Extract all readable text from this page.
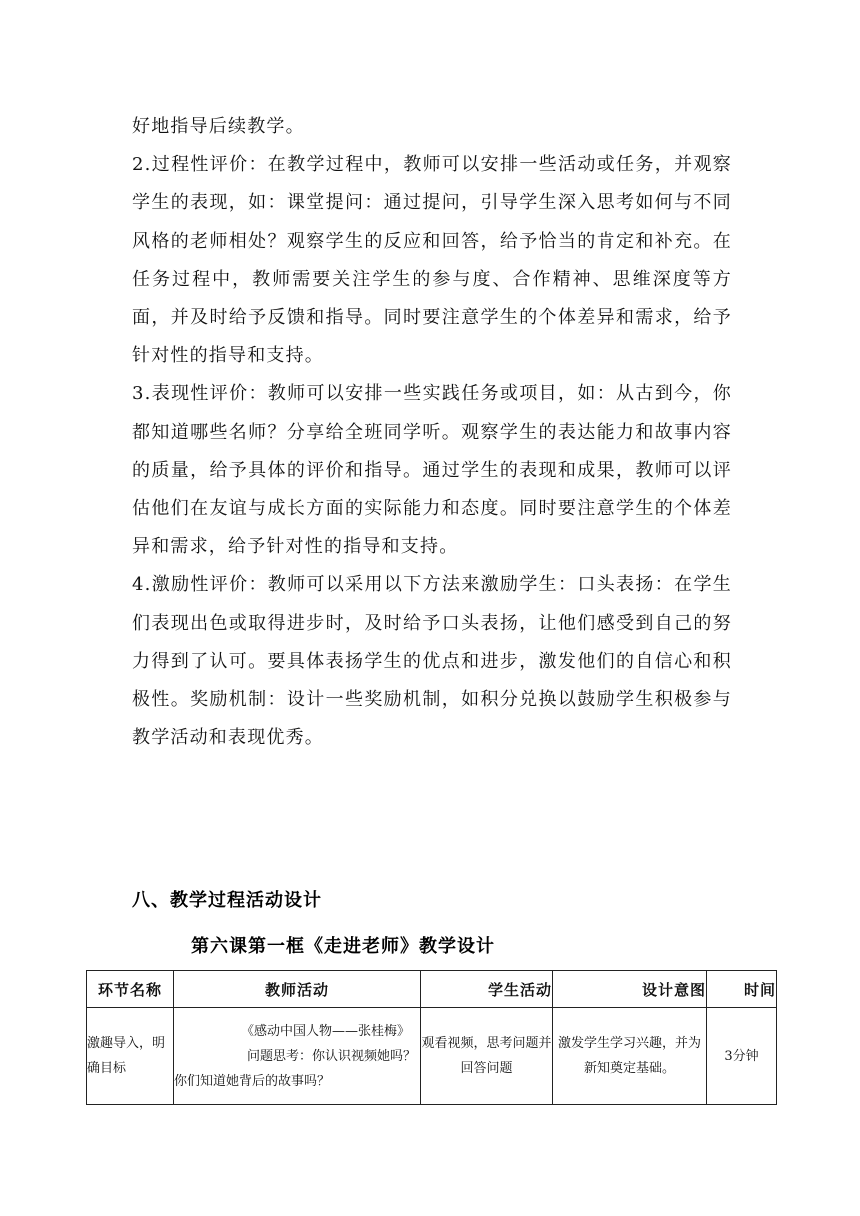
好地指导后续教学。

2.过程性评价：在教学过程中，教师可以安排一些活动或任务，并观察学生的表现，如：课堂提问：通过提问，引导学生深入思考如何与不同风格的老师相处？观察学生的反应和回答，给予恰当的肯定和补充。在任务过程中，教师需要关注学生的参与度、合作精神、思维深度等方面，并及时给予反馈和指导。同时要注意学生的个体差异和需求，给予针对性的指导和支持。

3.表现性评价：教师可以安排一些实践任务或项目，如：从古到今，你都知道哪些名师？分享给全班同学听。观察学生的表达能力和故事内容的质量，给予具体的评价和指导。通过学生的表现和成果，教师可以评估他们在友谊与成长方面的实际能力和态度。同时要注意学生的个体差异和需求，给予针对性的指导和支持。

4.激励性评价：教师可以采用以下方法来激励学生：口头表扬：在学生们表现出色或取得进步时，及时给予口头表扬，让他们感受到自己的努力得到了认可。要具体表扬学生的优点和进步，激发他们的自信心和积极性。奖励机制：设计一些奖励机制，如积分兑换以鼓励学生积极参与教学活动和表现优秀。

八、教学过程活动设计
第六课第一框《走进老师》教学设计
环节名称	教师活动	学生活动	设计意图	时间
激趣导入，明确目标	《感动中国人物——张桂梅》
问题思考：你认识视频她吗？
你们知道她背后的故事吗？	观看视频，思考问题并回答问题	激发学生学习兴趣，并为新知奠定基础。	3分钟
